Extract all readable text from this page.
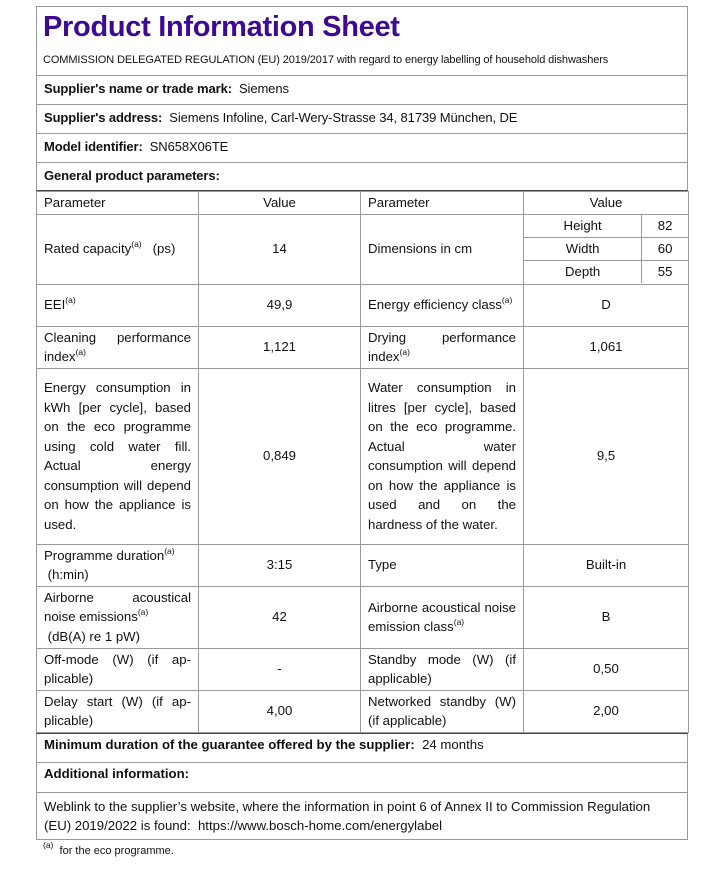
Product Information Sheet
COMMISSION DELEGATED REGULATION (EU) 2019/2017 with regard to energy labelling of household dishwashers
Supplier's name or trade mark: Siemens
Supplier's address: Siemens Infoline, Carl-Wery-Strasse 34, 81739 München, DE
Model identifier: SN658X06TE
General product parameters:
Parameter	Value	Parameter	Value
Rated capacity$^{(a)}$ (ps)	14	Dimensions in cm	
Height	82
Width	60
Depth	55

EEI$^{(a)}$	49,9	Energy efficiency class$^{(a)}$	D
Cleaning performance index$^{(a)}$	1,121	Drying performance index$^{(a)}$	1,061
Energy consumption in kWh [per cycle], based on the eco programme using cold water fill. Actual energy consumption will depend on how the appliance is used.	0,849	Water consumption in litres [per cycle], based on the eco programme. Actual water consumption will depend on how the appliance is used and on the hardness of the water.	9,5
Programme duration$^{(a)}$
(h:min)	3:15	Type	Built-in
Airborne acoustical noise emissions$^{(a)}$
(dB(A) re 1 pW)	42	Airborne acoustical noise emission class$^{(a)}$	B
Off-mode (W) (if applicable)	-	Standby mode (W) (if applicable)	0,50
Delay start (W) (if applicable)	4,00	Networked standby (W) (if applicable)	2,00
Minimum duration of the guarantee offered by the supplier: 24 months
Additional information:
Weblink to the supplier’s website, where the information in point 6 of Annex II to Commission Regulation (EU) 2019/2022 is found: https://www.bosch-home.com/energylabel
$^{(a)}$ for the eco programme.
